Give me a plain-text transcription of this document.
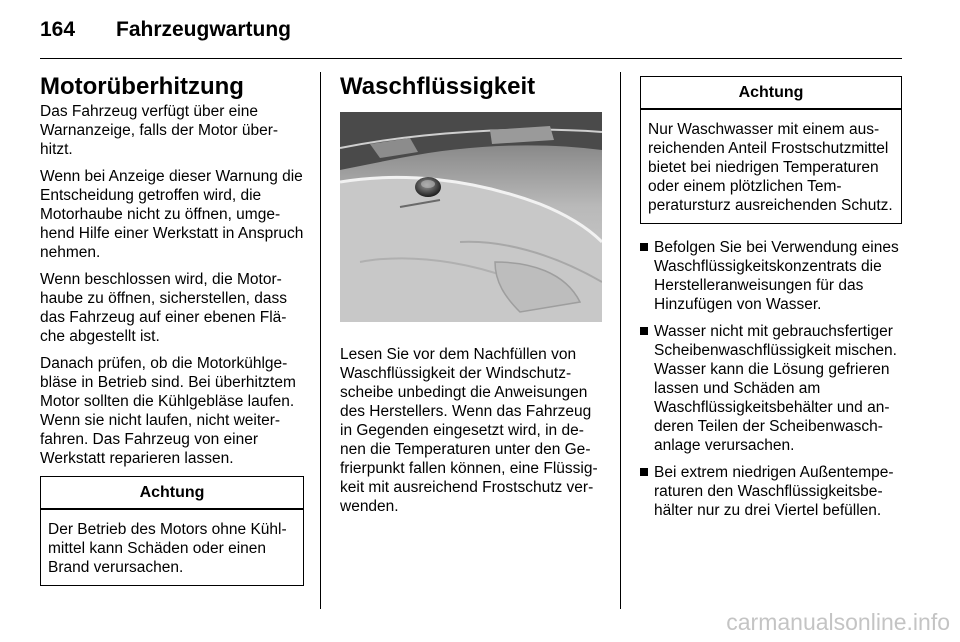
164 Fahrzeugwartung
Motorüberhitzung

Das Fahrzeug verfügt über eine Warnanzeige, falls der Motor überhitzt.

Wenn bei Anzeige dieser Warnung die Entscheidung getroffen wird, die Motorhaube nicht zu öffnen, umgehend Hilfe einer Werkstatt in Anspruch nehmen.

Wenn beschlossen wird, die Motorhaube zu öffnen, sicherstellen, dass das Fahrzeug auf einer ebenen Fläche abgestellt ist.

Danach prüfen, ob die Motorkühlgebläse in Betrieb sind. Bei überhitztem Motor sollten die Kühlgebläse laufen. Wenn sie nicht laufen, nicht weiterfahren. Das Fahrzeug von einer Werkstatt reparieren lassen.

Achtung
Der Betrieb des Motors ohne Kühlmittel kann Schäden oder einen Brand verursachen.
Waschflüssigkeit

Lesen Sie vor dem Nachfüllen von Waschflüssigkeit der Windschutzscheibe unbedingt die Anweisungen des Herstellers. Wenn das Fahrzeug in Gegenden eingesetzt wird, in denen die Temperaturen unter den Gefrierpunkt fallen können, eine Flüssigkeit mit ausreichend Frostschutz verwenden.

Achtung
Nur Waschwasser mit einem ausreichenden Anteil Frostschutzmittel bietet bei niedrigen Temperaturen oder einem plötzlichen Temperatursturz ausreichenden Schutz.
Befolgen Sie bei Verwendung eines Waschflüssigkeitskonzentrats die Herstelleranweisungen für das Hinzufügen von Wasser.
Wasser nicht mit gebrauchsfertiger Scheibenwaschflüssigkeit mischen. Wasser kann die Lösung gefrieren lassen und Schäden am Waschflüssigkeitsbehälter und anderen Teilen der Scheibenwaschanlage verursachen.
Bei extrem niedrigen Außentemperaturen den Waschflüssigkeitsbehälter nur zu drei Viertel befüllen.
carmanualsonline.info
